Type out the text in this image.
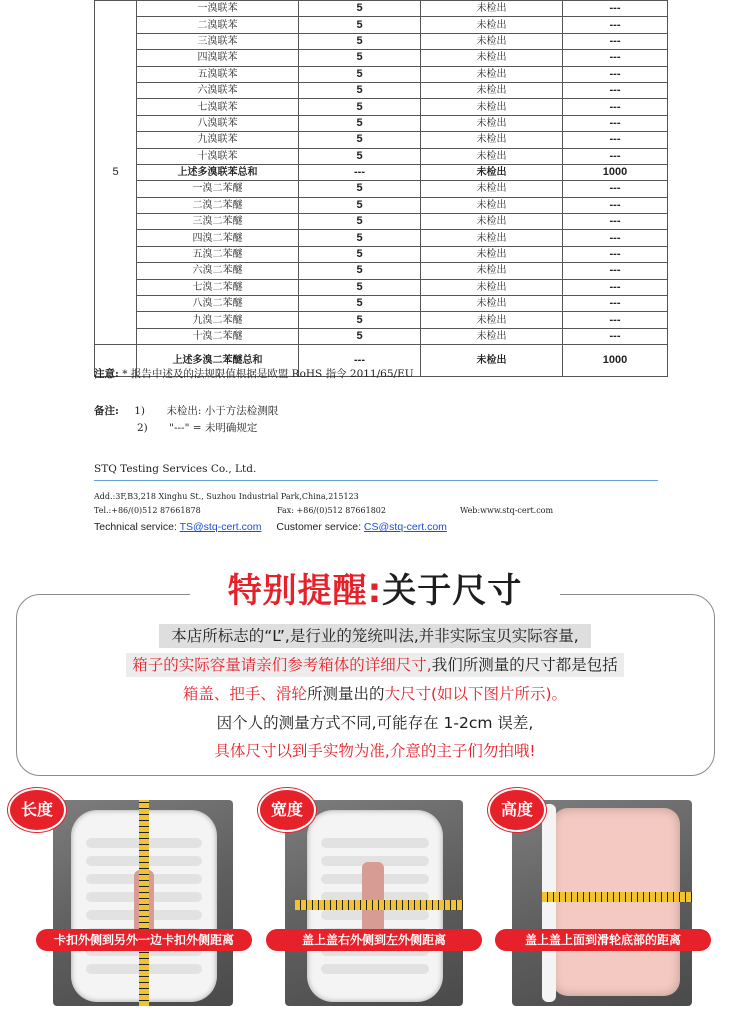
5	一溴联苯	5	未检出	---
	二溴联苯	5	未检出	---
	三溴联苯	5	未检出	---
	四溴联苯	5	未检出	---
	五溴联苯	5	未检出	---
	六溴联苯	5	未检出	---
	七溴联苯	5	未检出	---
	八溴联苯	5	未检出	---
	九溴联苯	5	未检出	---
	十溴联苯	5	未检出	---
	上述多溴联苯总和	---	未检出	1000
	一溴二苯醚	5	未检出	---
	二溴二苯醚	5	未检出	---
	三溴二苯醚	5	未检出	---
	四溴二苯醚	5	未检出	---
	五溴二苯醚	5	未检出	---
	六溴二苯醚	5	未检出	---
	七溴二苯醚	5	未检出	---
	八溴二苯醚	5	未检出	---
	九溴二苯醚	5	未检出	---
	十溴二苯醚	5	未检出	---
	上述多溴二苯醚总和	---	未检出	1000
注意: * 报告中述及的法规限值根据是欧盟 RoHS 指令 2011/65/EU
备注: 1) 未检出: 小于方法检测限
2) "---" = 未明确规定
STQ Testing Services Co., Ltd.
Add.:3F,B3,218 Xinghu St., Suzhou Industrial Park,China,215123
Tel.:+86/(0)512 87661878	Fax: +86/(0)512 87661802	Web:www.stq-cert.com
Technical service: TS@stq-cert.com Customer service: CS@stq-cert.com
特别提醒:关于尺寸
本店所标志的“L”,是行业的笼统叫法,并非实际宝贝实际容量,
箱子的实际容量请亲们参考箱体的详细尺寸,我们所测量的尺寸都是包括
箱盖、把手、滑轮所测量出的大尺寸(如以下图片所示)。
因个人的测量方式不同,可能存在 1-2cm 误差,
具体尺寸以到手实物为准,介意的主子们勿拍哦!
长度	宽度	高度
卡扣外侧到另外一边卡扣外侧距离	盖上盖右外侧到左外侧距离	盖上盖上面到滑轮底部的距离
